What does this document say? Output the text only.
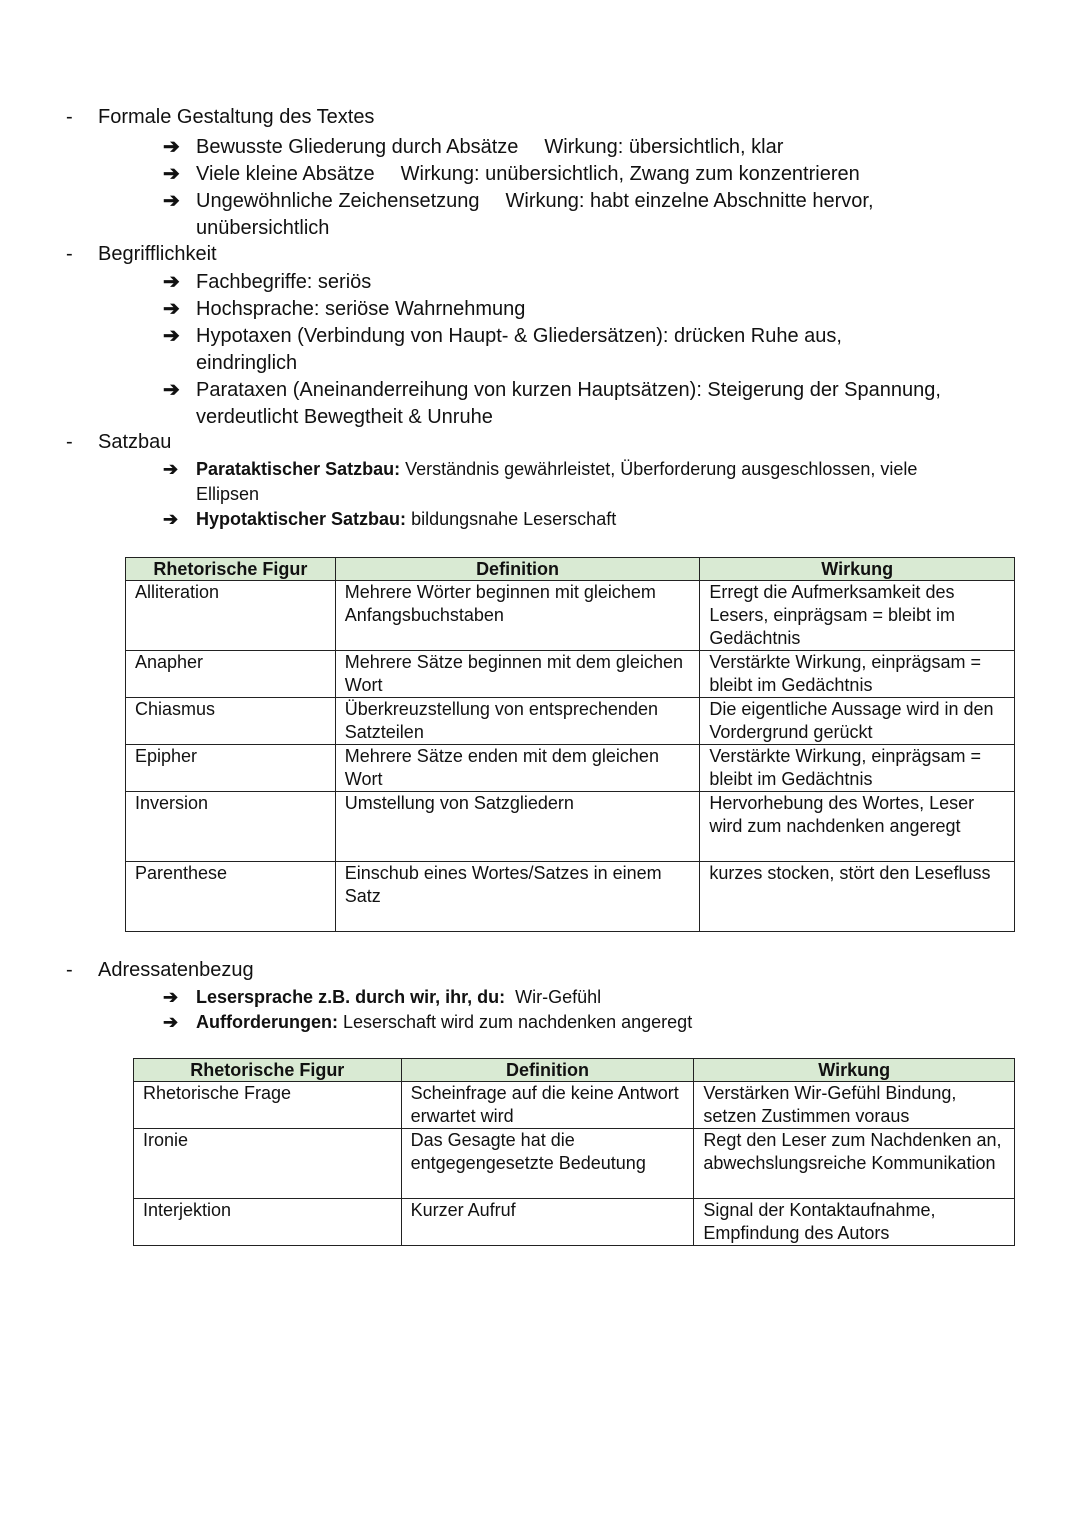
- Formale Gestaltung des Textes
➔ Bewusste Gliederung durch Absätze Wirkung: übersichtlich, klar
➔ Viele kleine Absätze Wirkung: unübersichtlich, Zwang zum konzentrieren
➔ Ungewöhnliche Zeichensetzung Wirkung: habt einzelne Abschnitte hervor,
unübersichtlich
- Begrifflichkeit
➔ Fachbegriffe: seriös
➔ Hochsprache: seriöse Wahrnehmung
➔ Hypotaxen (Verbindung von Haupt- & Gliedersätzen): drücken Ruhe aus,
eindringlich
➔ Parataxen (Aneinanderreihung von kurzen Hauptsätzen): Steigerung der Spannung,
verdeutlicht Bewegtheit & Unruhe
- Satzbau
➔ Parataktischer Satzbau: Verständnis gewährleistet, Überforderung ausgeschlossen, viele
Ellipsen
➔ Hypotaktischer Satzbau: bildungsnahe Leserschaft
Rhetorische Figur	Definition	Wirkung
Alliteration	Mehrere Wörter beginnen mit gleichem Anfangsbuchstaben	Erregt die Aufmerksamkeit des Lesers, einprägsam = bleibt im Gedächtnis
Anapher	Mehrere Sätze beginnen mit dem gleichen Wort	Verstärkte Wirkung, einprägsam = bleibt im Gedächtnis
Chiasmus	Überkreuzstellung von entsprechenden Satzteilen	Die eigentliche Aussage wird in den Vordergrund gerückt
Epipher	Mehrere Sätze enden mit dem gleichen Wort	Verstärkte Wirkung, einprägsam = bleibt im Gedächtnis
Inversion	Umstellung von Satzgliedern	Hervorhebung des Wortes, Leser wird zum nachdenken angeregt
Parenthese	Einschub eines Wortes/Satzes in einem Satz	kurzes stocken, stört den Lesefluss
- Adressatenbezug
➔ Lesersprache z.B. durch wir, ihr, du:  Wir-Gefühl
➔ Aufforderungen: Leserschaft wird zum nachdenken angeregt
Rhetorische Figur	Definition	Wirkung
Rhetorische Frage	Scheinfrage auf die keine Antwort erwartet wird	Verstärken Wir-Gefühl Bindung, setzen Zustimmen voraus
Ironie	Das Gesagte hat die entgegengesetzte Bedeutung	Regt den Leser zum Nachdenken an, abwechslungsreiche Kommunikation
Interjektion	Kurzer Aufruf	Signal der Kontaktaufnahme, Empfindung des Autors
